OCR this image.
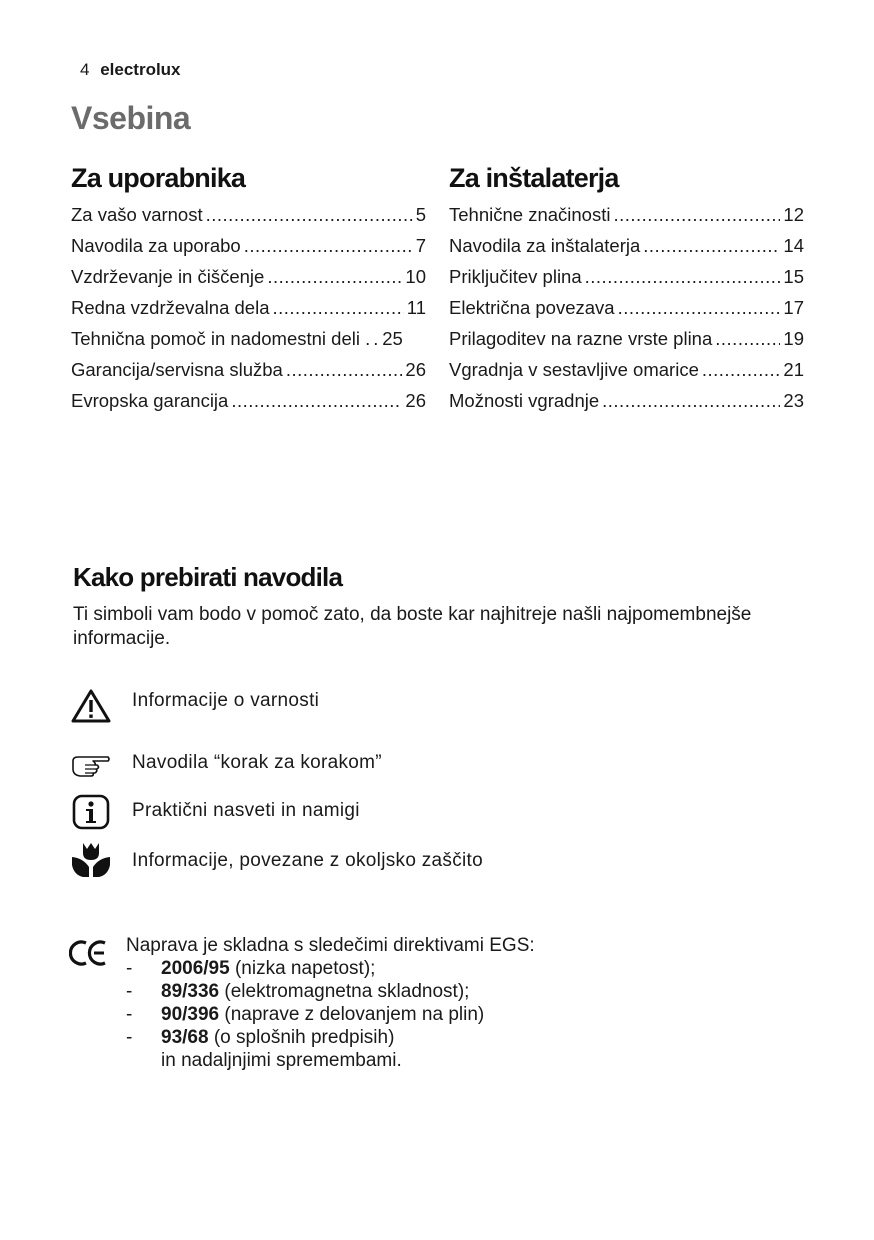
4 electrolux
Vsebina
Za uporabnika
Za vašo varnost .....	5
Navodila za uporabo .....	7
Vzdrževanje in čiščenje .....	10
Redna vzdrževalna dela .....	11
Tehnična pomoč in nadomestni deli . ..... 25
Garancija/servisna služba .....	26
Evropska garancija .....	26
Za inštalaterja
Tehnične značinosti .....	12
Navodila za inštalaterja .....	14
Priključitev plina .....	15
Električna povezava .....	17
Prilagoditev na razne vrste plina .....	19
Vgradnja v sestavljive omarice .....	21
Možnosti vgradnje .....	23
Kako prebirati navodila

Ti simboli vam bodo v pomoč zato, da boste kar najhitreje našli najpomembnejše informacije.

Informacije o varnosti
Navodila “korak za korakom”
Praktični nasveti in namigi
Informacije, povezane z okoljsko zaščito
Naprava je skladna s sledečimi direktivami EGS:
-	2006/95 (nizka napetost);
-	89/336 (elektromagnetna skladnost);
-	90/396 (naprave z delovanjem na plin)
-	93/68 (o splošnih predpisih)
in nadaljnjimi spremembami.
